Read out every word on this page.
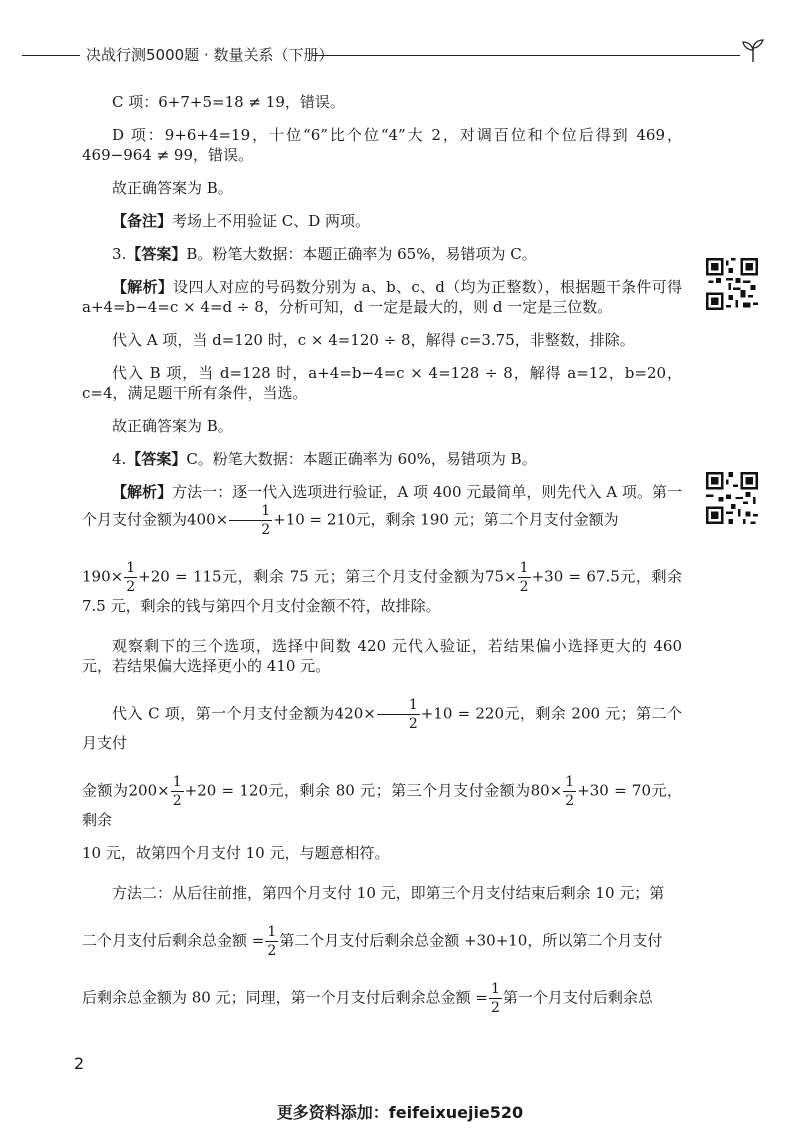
决战行测5000题 · 数量关系（下册）

C 项：6+7+5=18 ≠ 19，错误。

D 项：9+6+4=19，十位“6”比个位“4”大 2，对调百位和个位后得到 469，469−964 ≠ 99，错误。

故正确答案为 B。

【备注】考场上不用验证 C、D 两项。

3.【答案】B。粉笔大数据：本题正确率为 65%，易错项为 C。

【解析】设四人对应的号码数分别为 a、b、c、d（均为正整数），根据题干条件可得 a+4=b−4=c × 4=d ÷ 8，分析可知，d 一定是最大的，则 d 一定是三位数。

代入 A 项，当 d=120 时，c × 4=120 ÷ 8，解得 c=3.75，非整数，排除。

代入 B 项，当 d=128 时，a+4=b−4=c × 4=128 ÷ 8，解得 a=12，b=20，c=4，满足题干所有条件，当选。

故正确答案为 B。

4.【答案】C。粉笔大数据：本题正确率为 60%，易错项为 B。

【解析】方法一：逐一代入选项进行验证，A 项 400 元最简单，则先代入 A 项。第一个月支付金额为$400\times \frac{1}{2} +10 = 210$元，剩余 190 元；第二个月支付金额为

$190\times \frac{1}{2} +20 = 115$元，剩余 75 元；第三个月支付金额为$75\times \frac{1}{2} +30 = 67.5$元，剩余 7.5 元，剩余的钱与第四个月支付金额不符，故排除。

观察剩下的三个选项，选择中间数 420 元代入验证，若结果偏小选择更大的 460 元，若结果偏大选择更小的 410 元。

代入 C 项，第一个月支付金额为$420\times \frac{1}{2} +10 = 220$元，剩余 200 元；第二个月支付

金额为$200\times \frac{1}{2} +20 = 120$元，剩余 80 元；第三个月支付金额为$80\times \frac{1}{2} +30 = 70$元，剩余

10 元，故第四个月支付 10 元，与题意相符。

方法二：从后往前推，第四个月支付 10 元，即第三个月支付结束后剩余 10 元；第

二个月支付后剩余总金额 = $\frac{1}{2}$ 第二个月支付后剩余总金额 +30+10，所以第二个月支付

后剩余总金额为 80 元；同理，第一个月支付后剩余总金额 = $\frac{1}{2}$ 第一个月支付后剩余总

2
更多资料添加：feifeixuejie520
